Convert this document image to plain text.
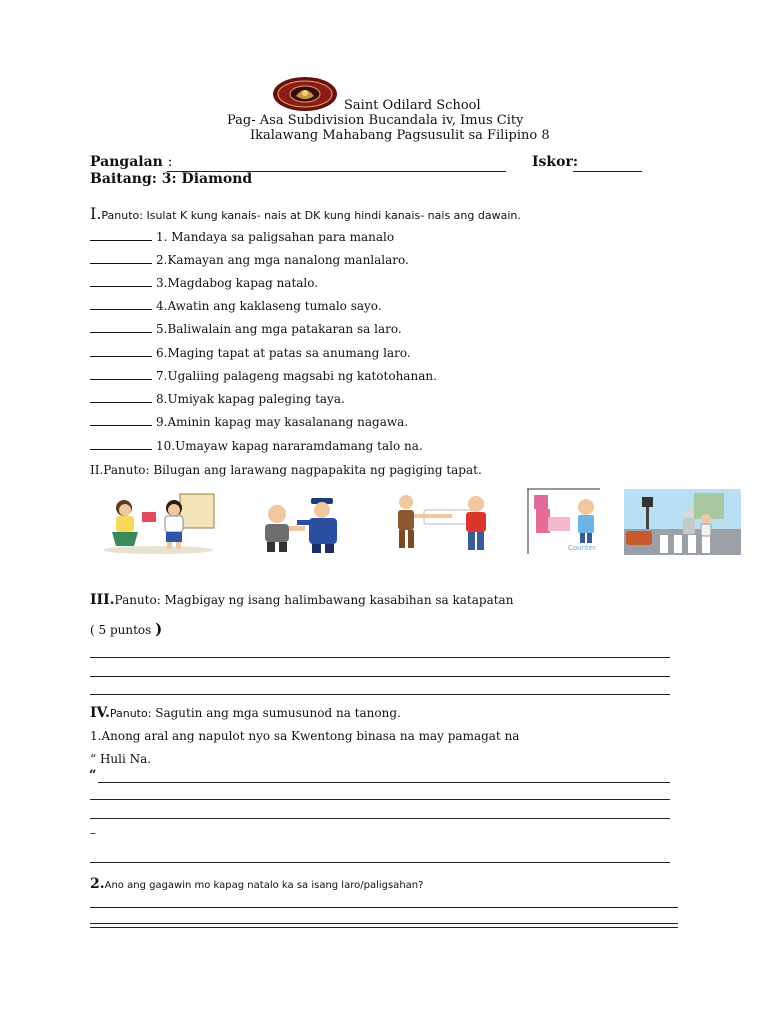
Saint Odilard School
Pag- Asa Subdivision Bucandala iv, Imus City
Ikalawang Mahabang Pagsusulit sa Filipino 8
Pangalan :	Iskor:
Baitang: 3: Diamond
I.Panuto: Isulat K kung kanais- nais at DK kung hindi kanais- nais ang dawain.
1. Mandaya sa paligsahan para manalo
2.Kamayan ang mga nanalong manlalaro.
3.Magdabog kapag natalo.
4.Awatin ang kaklaseng tumalo sayo.
5.Baliwalain ang mga patakaran sa laro.
6.Maging tapat at patas sa anumang laro.
7.Ugaliing palageng magsabi ng katotohanan.
8.Umiyak kapag paleging taya.
9.Aminin kapag may kasalanang nagawa.
10.Umayaw kapag nararamdamang talo na.
II.Panuto: Bilugan ang larawang nagpapakita ng pagiging tapat.
Counter
III.Panuto: Magbigay ng isang halimbawang kasabihan sa katapatan
( 5 puntos )
IV.Panuto: Sagutin ang mga sumusunod na tanong.
1.Anong aral ang napulot nyo sa Kwentong binasa na may pamagat na
“ Huli Na.
“
–
2.Ano ang gagawin mo kapag natalo ka sa isang laro/paligsahan?
